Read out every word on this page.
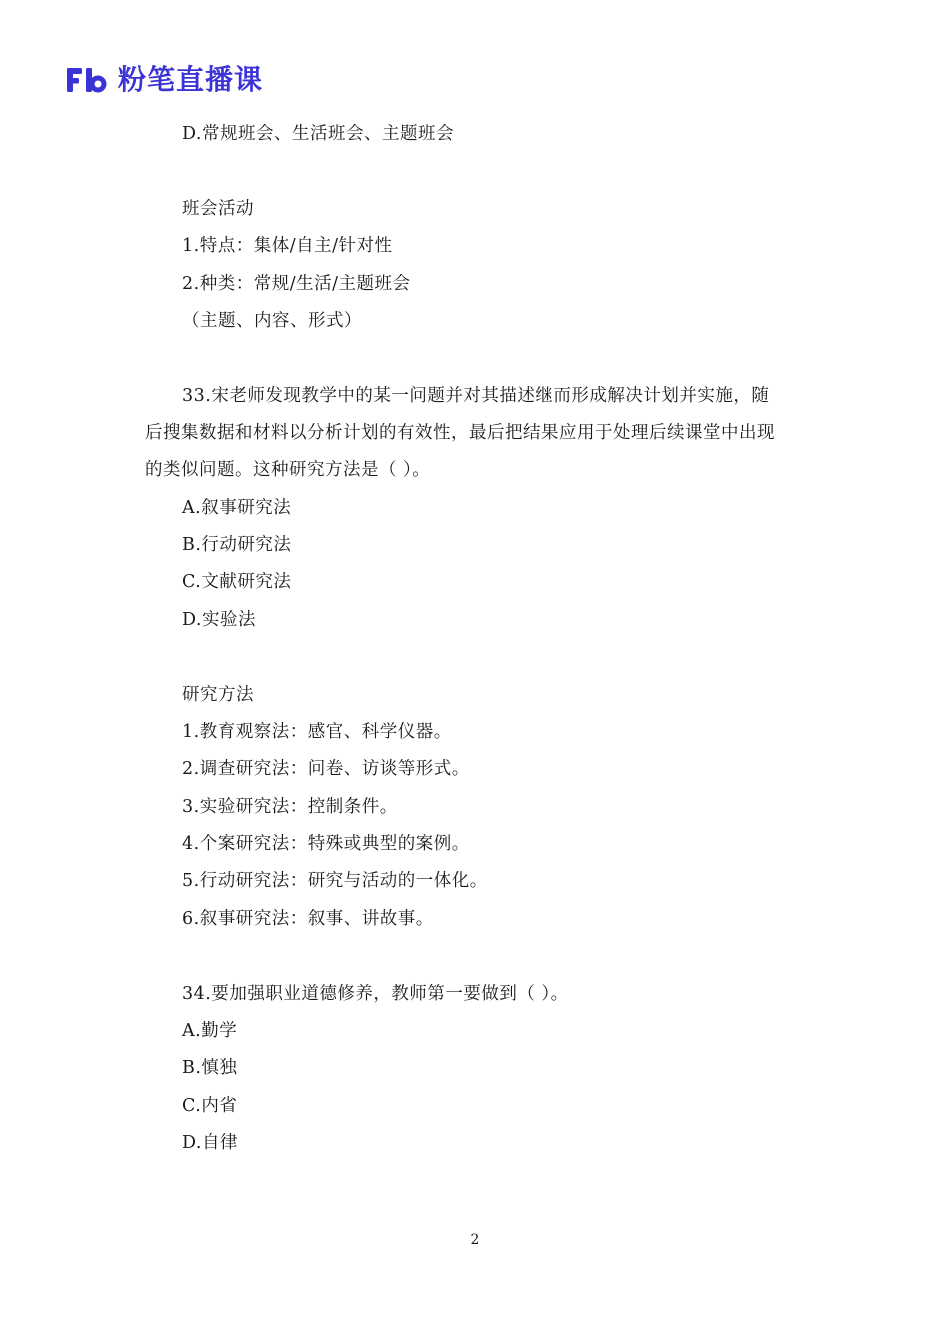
粉笔直播课
D.常规班会、生活班会、主题班会
班会活动
1.特点：集体/自主/针对性
2.种类：常规/生活/主题班会
（主题、内容、形式）
33.宋老师发现教学中的某一问题并对其描述继而形成解决计划并实施，随
后搜集数据和材料以分析计划的有效性，最后把结果应用于处理后续课堂中出现
的类似问题。这种研究方法是（ ）。
A.叙事研究法
B.行动研究法
C.文献研究法
D.实验法
研究方法
1.教育观察法：感官、科学仪器。
2.调查研究法：问卷、访谈等形式。
3.实验研究法：控制条件。
4.个案研究法：特殊或典型的案例。
5.行动研究法：研究与活动的一体化。
6.叙事研究法：叙事、讲故事。
34.要加强职业道德修养，教师第一要做到（ ）。
A.勤学
B.慎独
C.内省
D.自律
2
